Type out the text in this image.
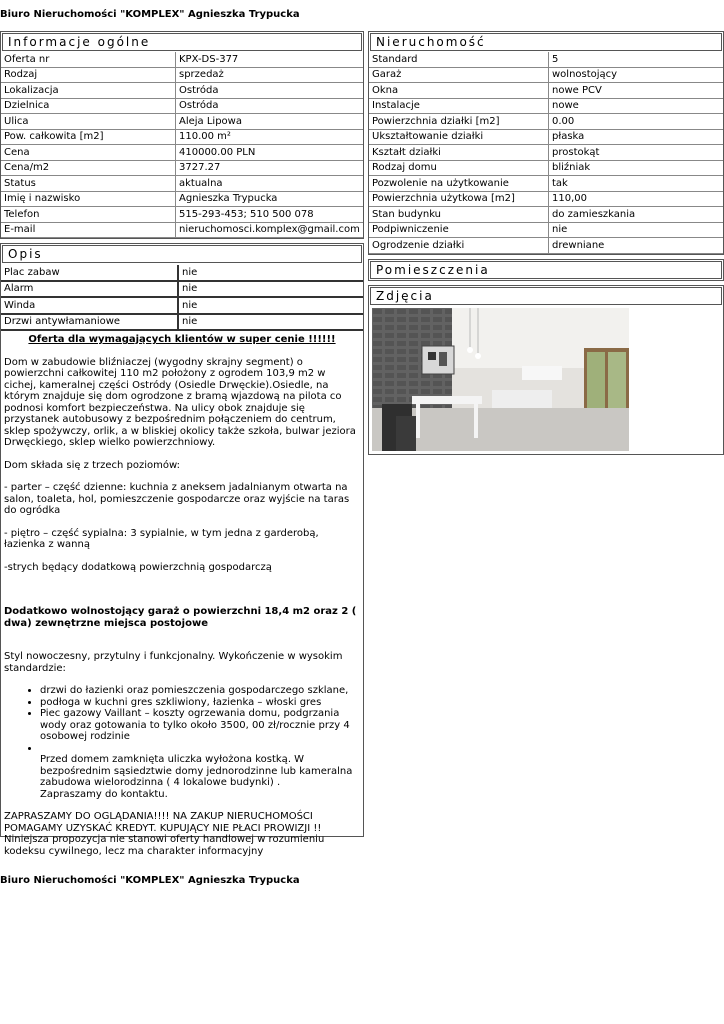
Biuro Nieruchomości "KOMPLEX" Agnieszka Trypucka
Informacje ogólne
Oferta nr	KPX-DS-377
Rodzaj	sprzedaż
Lokalizacja	Ostróda
Dzielnica	Ostróda
Ulica	Aleja Lipowa
Pow. całkowita [m2]	110.00 m²
Cena	410000.00 PLN
Cena/m2	3727.27
Status	aktualna
Imię i nazwisko	Agnieszka Trypucka
Telefon	515-293-453; 510 500 078
E-mail	nieruchomosci.komplex@gmail.com
Opis
Plac zabaw	nie
Alarm	nie
Winda	nie
Drzwi antywłamaniowe	nie

Oferta dla wymagających klientów w super cenie !!!!!!

Dom w zabudowie bliźniaczej (wygodny skrajny segment) o powierzchni całkowitej 110 m2 położony z ogrodem 103,9 m2 w cichej, kameralnej części Ostródy (Osiedle Drwęckie).Osiedle, na którym znajduje się dom ogrodzone z bramą wjazdową na pilota co podnosi komfort bezpieczeństwa. Na ulicy obok znajduje się przystanek autobusowy z bezpośrednim połączeniem do centrum, sklep spożywczy, orlik, a w bliskiej okolicy także szkoła, bulwar jeziora Drwęckiego, sklep wielko powierzchniowy.

Dom składa się z trzech poziomów:

- parter – część dzienne: kuchnia z aneksem jadalnianym otwarta na salon, toaleta, hol, pomieszczenie gospodarcze oraz wyjście na taras do ogródka

- piętro – część sypialna: 3 sypialnie, w tym jedna z garderobą, łazienka z wanną

-strych będący dodatkową powierzchnią gospodarczą

Dodatkowo wolnostojący garaż o powierzchni 18,4 m2 oraz 2 ( dwa) zewnętrzne miejsca postojowe

Styl nowoczesny, przytulny i funkcjonalny. Wykończenie w wysokim standardzie:

• drzwi do łazienki oraz pomieszczenia gospodarczego szklane,
• podłoga w kuchni gres szkliwiony, łazienka – włoski gres
• Piec gazowy Vaillant – koszty ogrzewania domu, podgrzania wody oraz gotowania to tylko około 3500, 00 zł/rocznie przy 4 osobowej rodzinie
•
Przed domem zamknięta uliczka wyłożona kostką. W bezpośrednim sąsiedztwie domy jednorodzinne lub kameralna zabudowa wielorodzinna ( 4 lokalowe budynki) .
Zapraszamy do kontaktu.

ZAPRASZAMY DO OGLĄDANIA!!!! NA ZAKUP NIERUCHOMOŚCI POMAGAMY UZYSKAĆ KREDYT. KUPUJĄCY NIE PŁACI PROWIZJI !! Niniejsza propozycja nie stanowi oferty handlowej w rozumieniu kodeksu cywilnego, lecz ma charakter informacyjny

Nieruchomość
Standard	5
Garaż	wolnostojący
Okna	nowe PCV
Instalacje	nowe
Powierzchnia działki [m2]	0.00
Ukształtowanie działki	płaska
Kształt działki	prostokąt
Rodzaj domu	bliźniak
Pozwolenie na użytkowanie	tak
Powierzchnia użytkowa [m2]	110,00
Stan budynku	do zamieszkania
Podpiwniczenie	nie
Ogrodzenie działki	drewniane
Pomieszczenia
Zdjęcia
Biuro Nieruchomości "KOMPLEX" Agnieszka Trypucka
